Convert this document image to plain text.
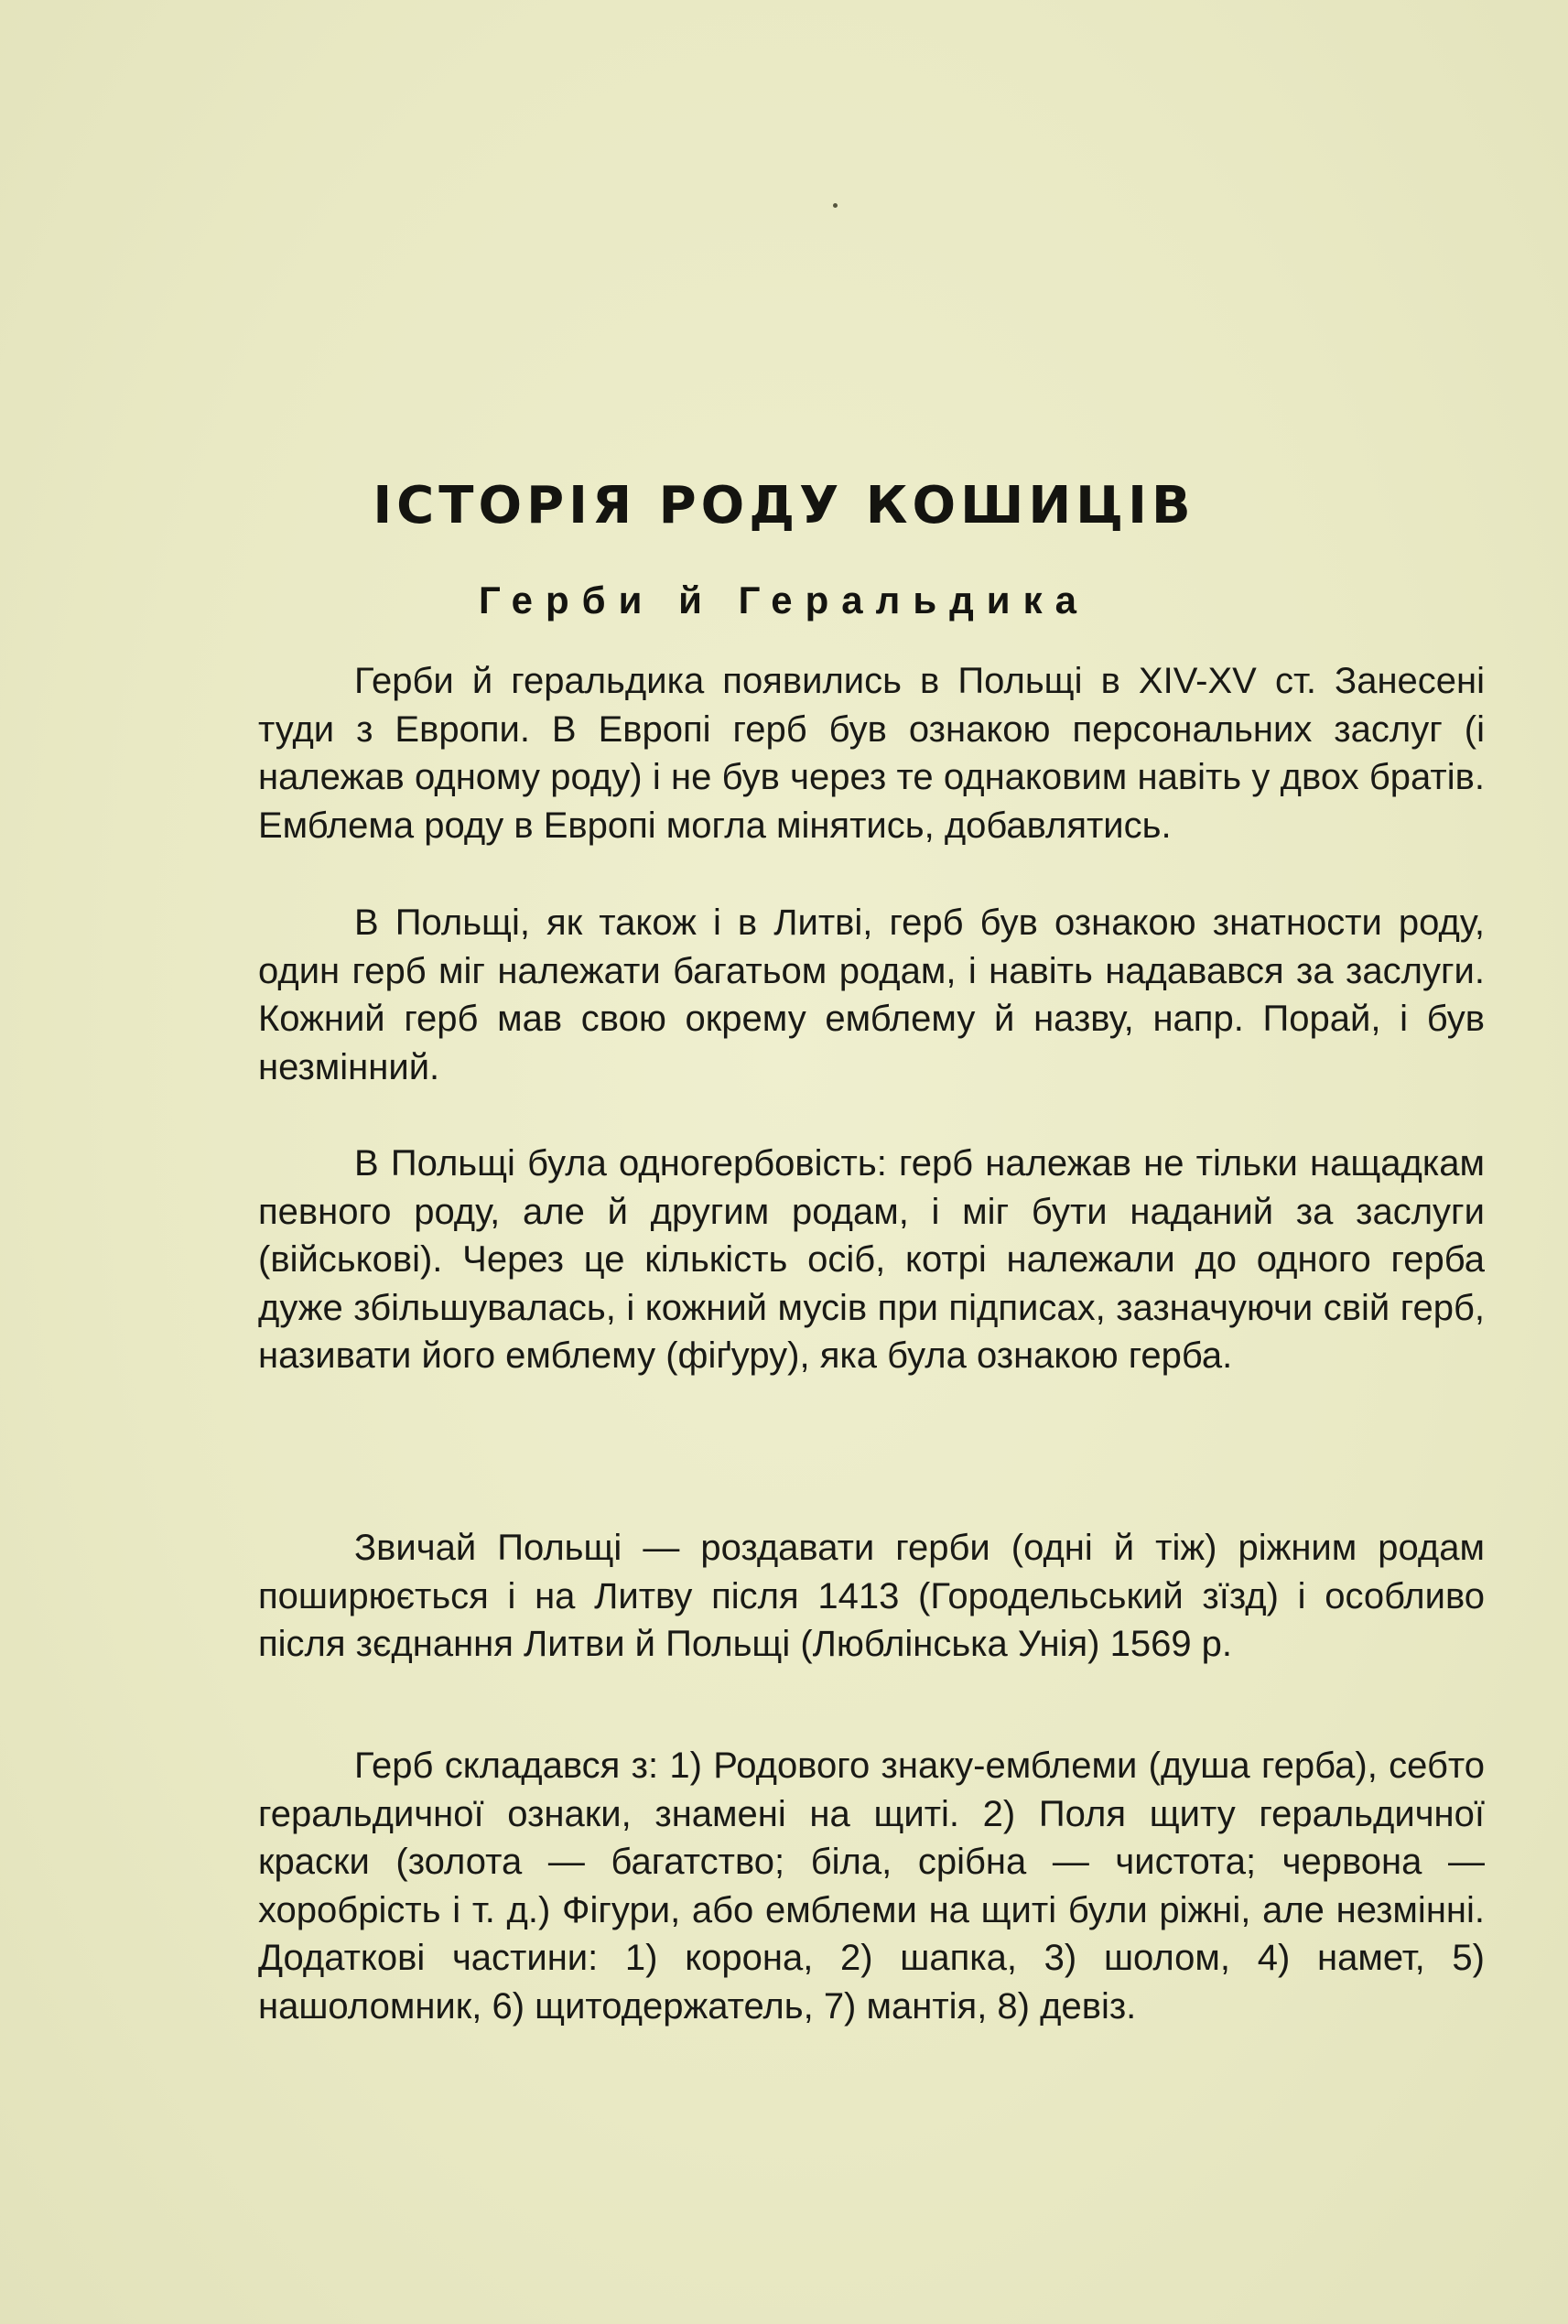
ІСТОРІЯ РОДУ КОШИЦІВ
Герби й Геральдика

Герби й геральдика появились в Польщі в XIV-XV ст. Занесені туди з Европи. В Европі герб був ознакою персональних заслуг (і належав одному роду) і не був через те однаковим навіть у двох братів. Емблема роду в Европі могла мінятись, добавлятись.

В Польщі, як також і в Литві, герб був ознакою знатности роду, один герб міг належати багатьом родам, і навіть надавався за заслуги. Кожний герб мав свою окрему емблему й назву, напр. Порай, і був незмінний.

В Польщі була одногербовість: герб належав не тільки нащадкам певного роду, але й другим родам, і міг бути наданий за заслуги (військові). Через це кількість осіб, котрі належали до одного герба дуже збільшувалась, і кожний мусів при підписах, зазначуючи свій герб, називати його емблему (фіґуру), яка була ознакою герба.

Звичай Польщі — роздавати герби (одні й тіж) ріжним родам поширюється і на Литву після 1413 (Городельський зїзд) і особливо після зєднання Литви й Польщі (Люблінська Унія) 1569 р.

Герб складався з: 1) Родового знаку-емблеми (душа герба), себто геральдичної ознаки, знамені на щиті. 2) Поля щиту геральдичної краски (золота — багатство; біла, срібна — чистота; червона — хоробрість і т. д.) Фігури, або емблеми на щиті були ріжні, але незмінні. Додаткові частини: 1) корона, 2) шапка, 3) шолом, 4) намет, 5) нашоломник, 6) щитодержатель, 7) мантія, 8) девіз.
